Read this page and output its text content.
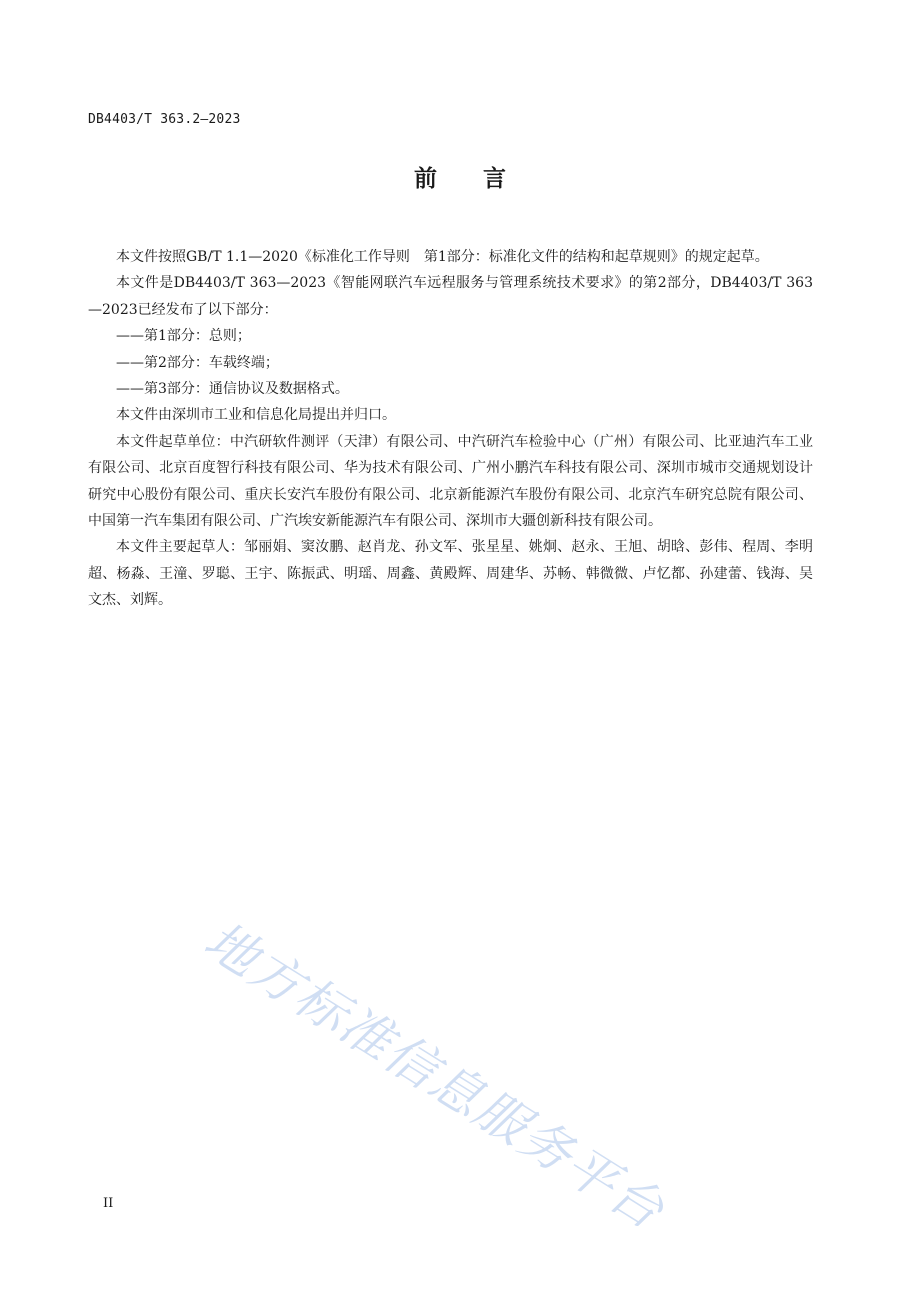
DB4403/T 363.2—2023
前　　言

本文件按照GB/T 1.1—2020《标准化工作导则　第1部分：标准化文件的结构和起草规则》的规定起草。

本文件是DB4403/T 363—2023《智能网联汽车远程服务与管理系统技术要求》的第2部分，DB4403/T 363—2023已经发布了以下部分：

——第1部分：总则；

——第2部分：车载终端；

——第3部分：通信协议及数据格式。

本文件由深圳市工业和信息化局提出并归口。

本文件起草单位：中汽研软件测评（天津）有限公司、中汽研汽车检验中心（广州）有限公司、比亚迪汽车工业有限公司、北京百度智行科技有限公司、华为技术有限公司、广州小鹏汽车科技有限公司、深圳市城市交通规划设计研究中心股份有限公司、重庆长安汽车股份有限公司、北京新能源汽车股份有限公司、北京汽车研究总院有限公司、中国第一汽车集团有限公司、广汽埃安新能源汽车有限公司、深圳市大疆创新科技有限公司。

本文件主要起草人：邹丽娟、窦汝鹏、赵肖龙、孙文军、张星星、姚炯、赵永、王旭、胡晗、彭伟、程周、李明超、杨淼、王潼、罗聪、王宇、陈振武、明瑶、周鑫、黄殿辉、周建华、苏畅、韩微微、卢忆都、孙建蕾、钱海、吴文杰、刘辉。

地方标准信息服务平台
II
